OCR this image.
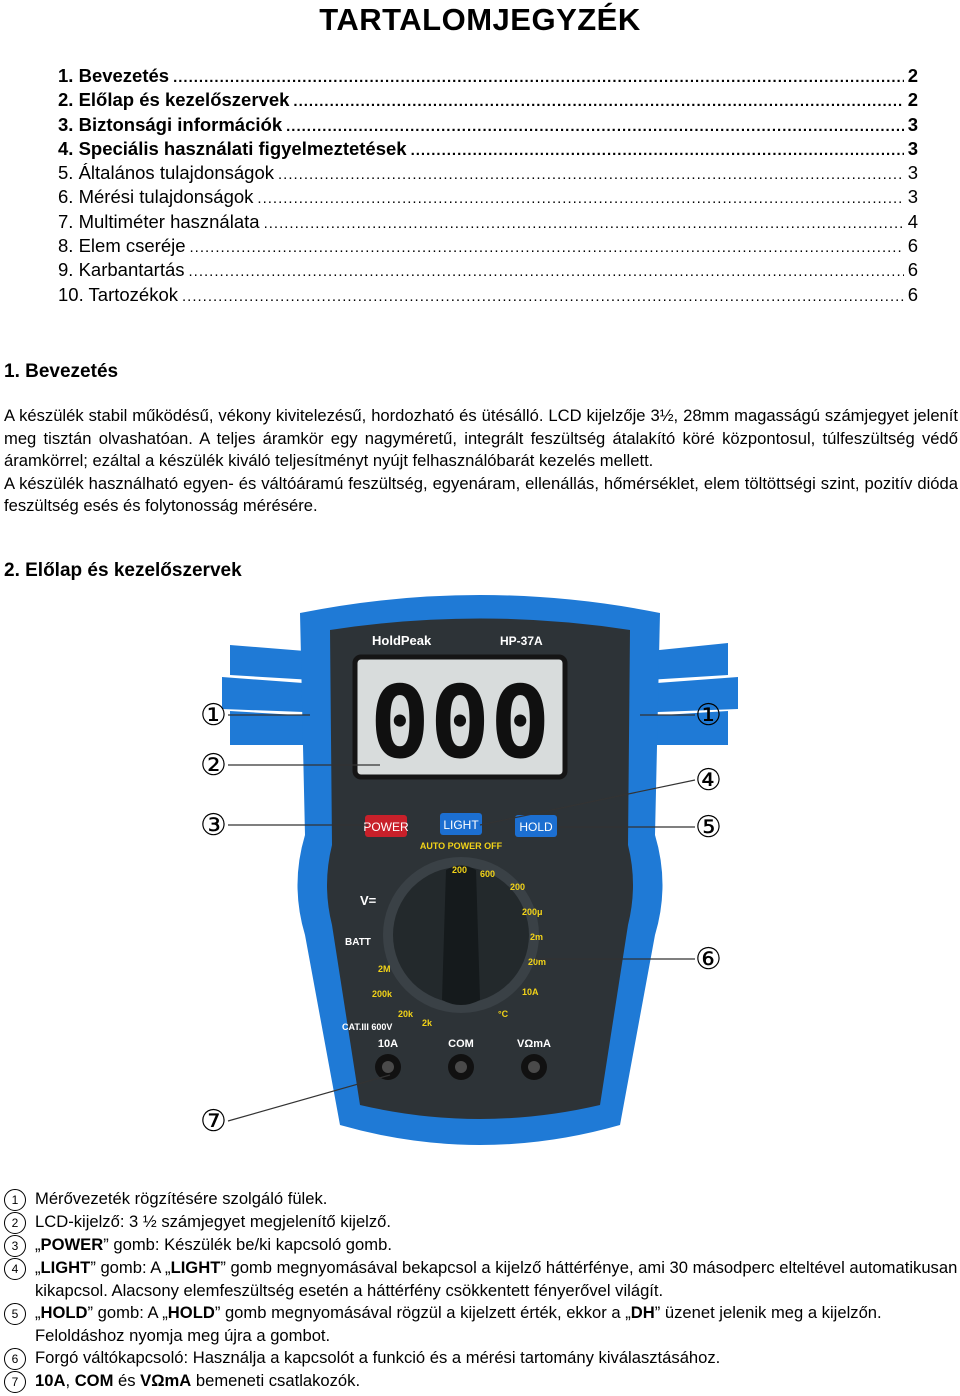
TARTALOMJEGYZÉK
1. Bevezetés .....	2
2. Előlap és kezelőszervek .....	2
3. Biztonsági információk .....	3
4. Speciális használati figyelmeztetések .....	3
5. Általános tulajdonságok .....	3
6. Mérési tulajdonságok .....	3
7. Multiméter használata .....	4
8. Elem cseréje .....	6
9. Karbantartás .....	6
10. Tartozékok .....	6
1. Bevezetés

A készülék stabil működésű, vékony kivitelezésű, hordozható és ütésálló. LCD kijelzője 3½, 28mm magasságú számjegyet jelenít meg tisztán olvashatóan. A teljes áramkör egy nagyméretű, integrált feszültség átalakító köré központosul, túlfeszültség védő áramkörrel; ezáltal a készülék kiváló teljesítményt nyújt felhasználóbarát kezelés mellett.

A készülék használható egyen- és váltóáramú feszültség, egyenáram, ellenállás, hőmérséklet, elem töltöttségi szint, pozitív dióda feszültség esés és folytonosság mérésére.

2. Előlap és kezelőszervek
HoldPeak	HP-37A
000
POWER	LIGHT	HOLD
AUTO POWER OFF
V=
BATT
200 600
200
200μ
2m
20m
10A
°C
2M
200k
20k
2k
CAT.III 600V
10A	COM	VΩmA
①	①
②	④
③	⑤
⑥
⑦
1	Mérővezeték rögzítésére szolgáló fülek.
2	LCD-kijelző: 3 ½ számjegyet megjelenítő kijelző.
3	„POWER” gomb: Készülék be/ki kapcsoló gomb.
4	„LIGHT” gomb: A „LIGHT” gomb megnyomásával bekapcsol a kijelző háttérfénye, ami 30 másodperc elteltével automatikusan kikapcsol. Alacsony elemfeszültség esetén a háttérfény csökkentett fényerővel világít.
5	„HOLD” gomb: A „HOLD” gomb megnyomásával rögzül a kijelzett érték, ekkor a „DH” üzenet jelenik meg a kijelzőn. Feloldáshoz nyomja meg újra a gombot.
6	Forgó váltókapcsoló: Használja a kapcsolót a funkció és a mérési tartomány kiválasztásához.
7	10A, COM és VΩmA bemeneti csatlakozók.
